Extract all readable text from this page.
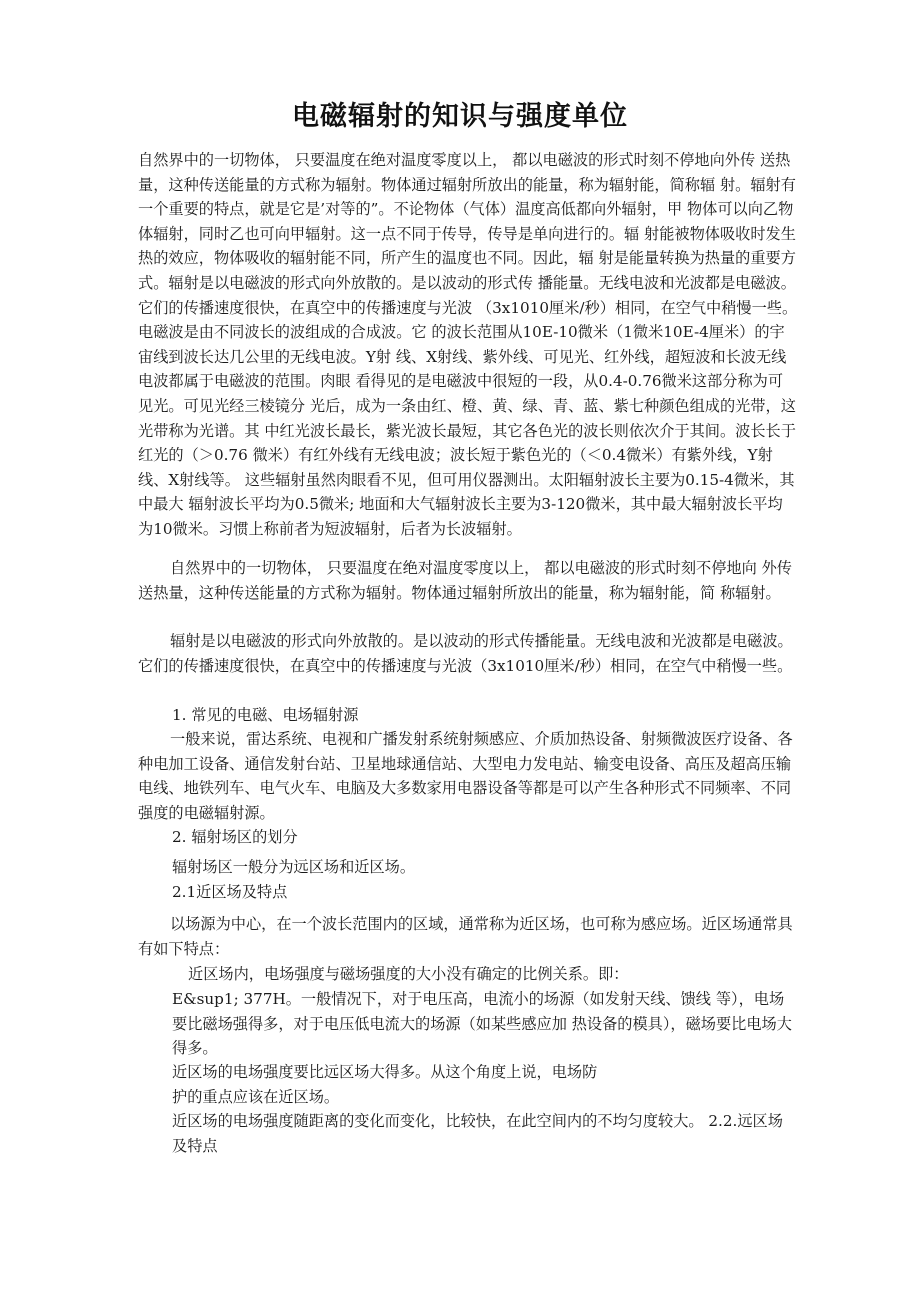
电磁辐射的知识与强度单位

自然界中的一切物体， 只要温度在绝对温度零度以上， 都以电磁波的形式时刻不停地向外传 送热量，这种传送能量的方式称为辐射。物体通过辐射所放出的能量，称为辐射能，简称辐 射。辐射有一个重要的特点，就是它是’对等的”。不论物体（气体）温度高低都向外辐射，甲 物体可以向乙物体辐射，同时乙也可向甲辐射。这一点不同于传导，传导是单向进行的。辐 射能被物体吸收时发生热的效应，物体吸收的辐射能不同，所产生的温度也不同。因此，辐 射是能量转换为热量的重要方式。辐射是以电磁波的形式向外放散的。是以波动的形式传 播能量。无线电波和光波都是电磁波。它们的传播速度很快，在真空中的传播速度与光波 （3x1010厘米/秒）相同，在空气中稍慢一些。电磁波是由不同波长的波组成的合成波。它 的波长范围从10E-10微米（1微米10E-4厘米）的宇宙线到波长达几公里的无线电波。Y射 线、X射线、紫外线、可见光、红外线，超短波和长波无线电波都属于电磁波的范围。肉眼 看得见的是电磁波中很短的一段，从0.4-0.76微米这部分称为可见光。可见光经三棱镜分 光后，成为一条由红、橙、黄、绿、青、蓝、紫七种颜色组成的光带，这光带称为光谱。其 中红光波长最长，紫光波长最短，其它各色光的波长则依次介于其间。波长长于红光的（＞0.76 微米）有红外线有无线电波；波长短于紫色光的（＜0.4微米）有紫外线，Y射线、X射线等。 这些辐射虽然肉眼看不见，但可用仪器测出。太阳辐射波长主要为0.15-4微米，其中最大 辐射波长平均为0.5微米; 地面和大气辐射波长主要为3-120微米，其中最大辐射波长平均 为10微米。习惯上称前者为短波辐射，后者为长波辐射。

自然界中的一切物体， 只要温度在绝对温度零度以上， 都以电磁波的形式时刻不停地向 外传送热量，这种传送能量的方式称为辐射。物体通过辐射所放出的能量，称为辐射能，简 称辐射。

辐射是以电磁波的形式向外放散的。是以波动的形式传播能量。无线电波和光波都是电磁波。它们的传播速度很快，在真空中的传播速度与光波（3x1010厘米/秒）相同，在空气中稍慢一些。

1. 常见的电磁、电场辐射源

一般来说，雷达系统、电视和广播发射系统射频感应、介质加热设备、射频微波医疗设备、各种电加工设备、通信发射台站、卫星地球通信站、大型电力发电站、输变电设备、高压及超高压输电线、地铁列车、电气火车、电脑及大多数家用电器设备等都是可以产生各种形式不同频率、不同强度的电磁辐射源。

2. 辐射场区的划分

辐射场区一般分为远区场和近区场。

2.1近区场及特点

以场源为中心，在一个波长范围内的区域，通常称为近区场，也可称为感应场。近区场通常具有如下特点：

近区场内，电场强度与磁场强度的大小没有确定的比例关系。即：

E&sup1; 377H。一般情况下，对于电压高，电流小的场源（如发射天线、馈线 等），电场要比磁场强得多，对于电压低电流大的场源（如某些感应加 热设备的模具），磁场要比电场大得多。

近区场的电场强度要比远区场大得多。从这个角度上说，电场防

护的重点应该在近区场。

近区场的电场强度随距离的变化而变化，比较快，在此空间内的不均匀度较大。 2.2.远区场及特点
